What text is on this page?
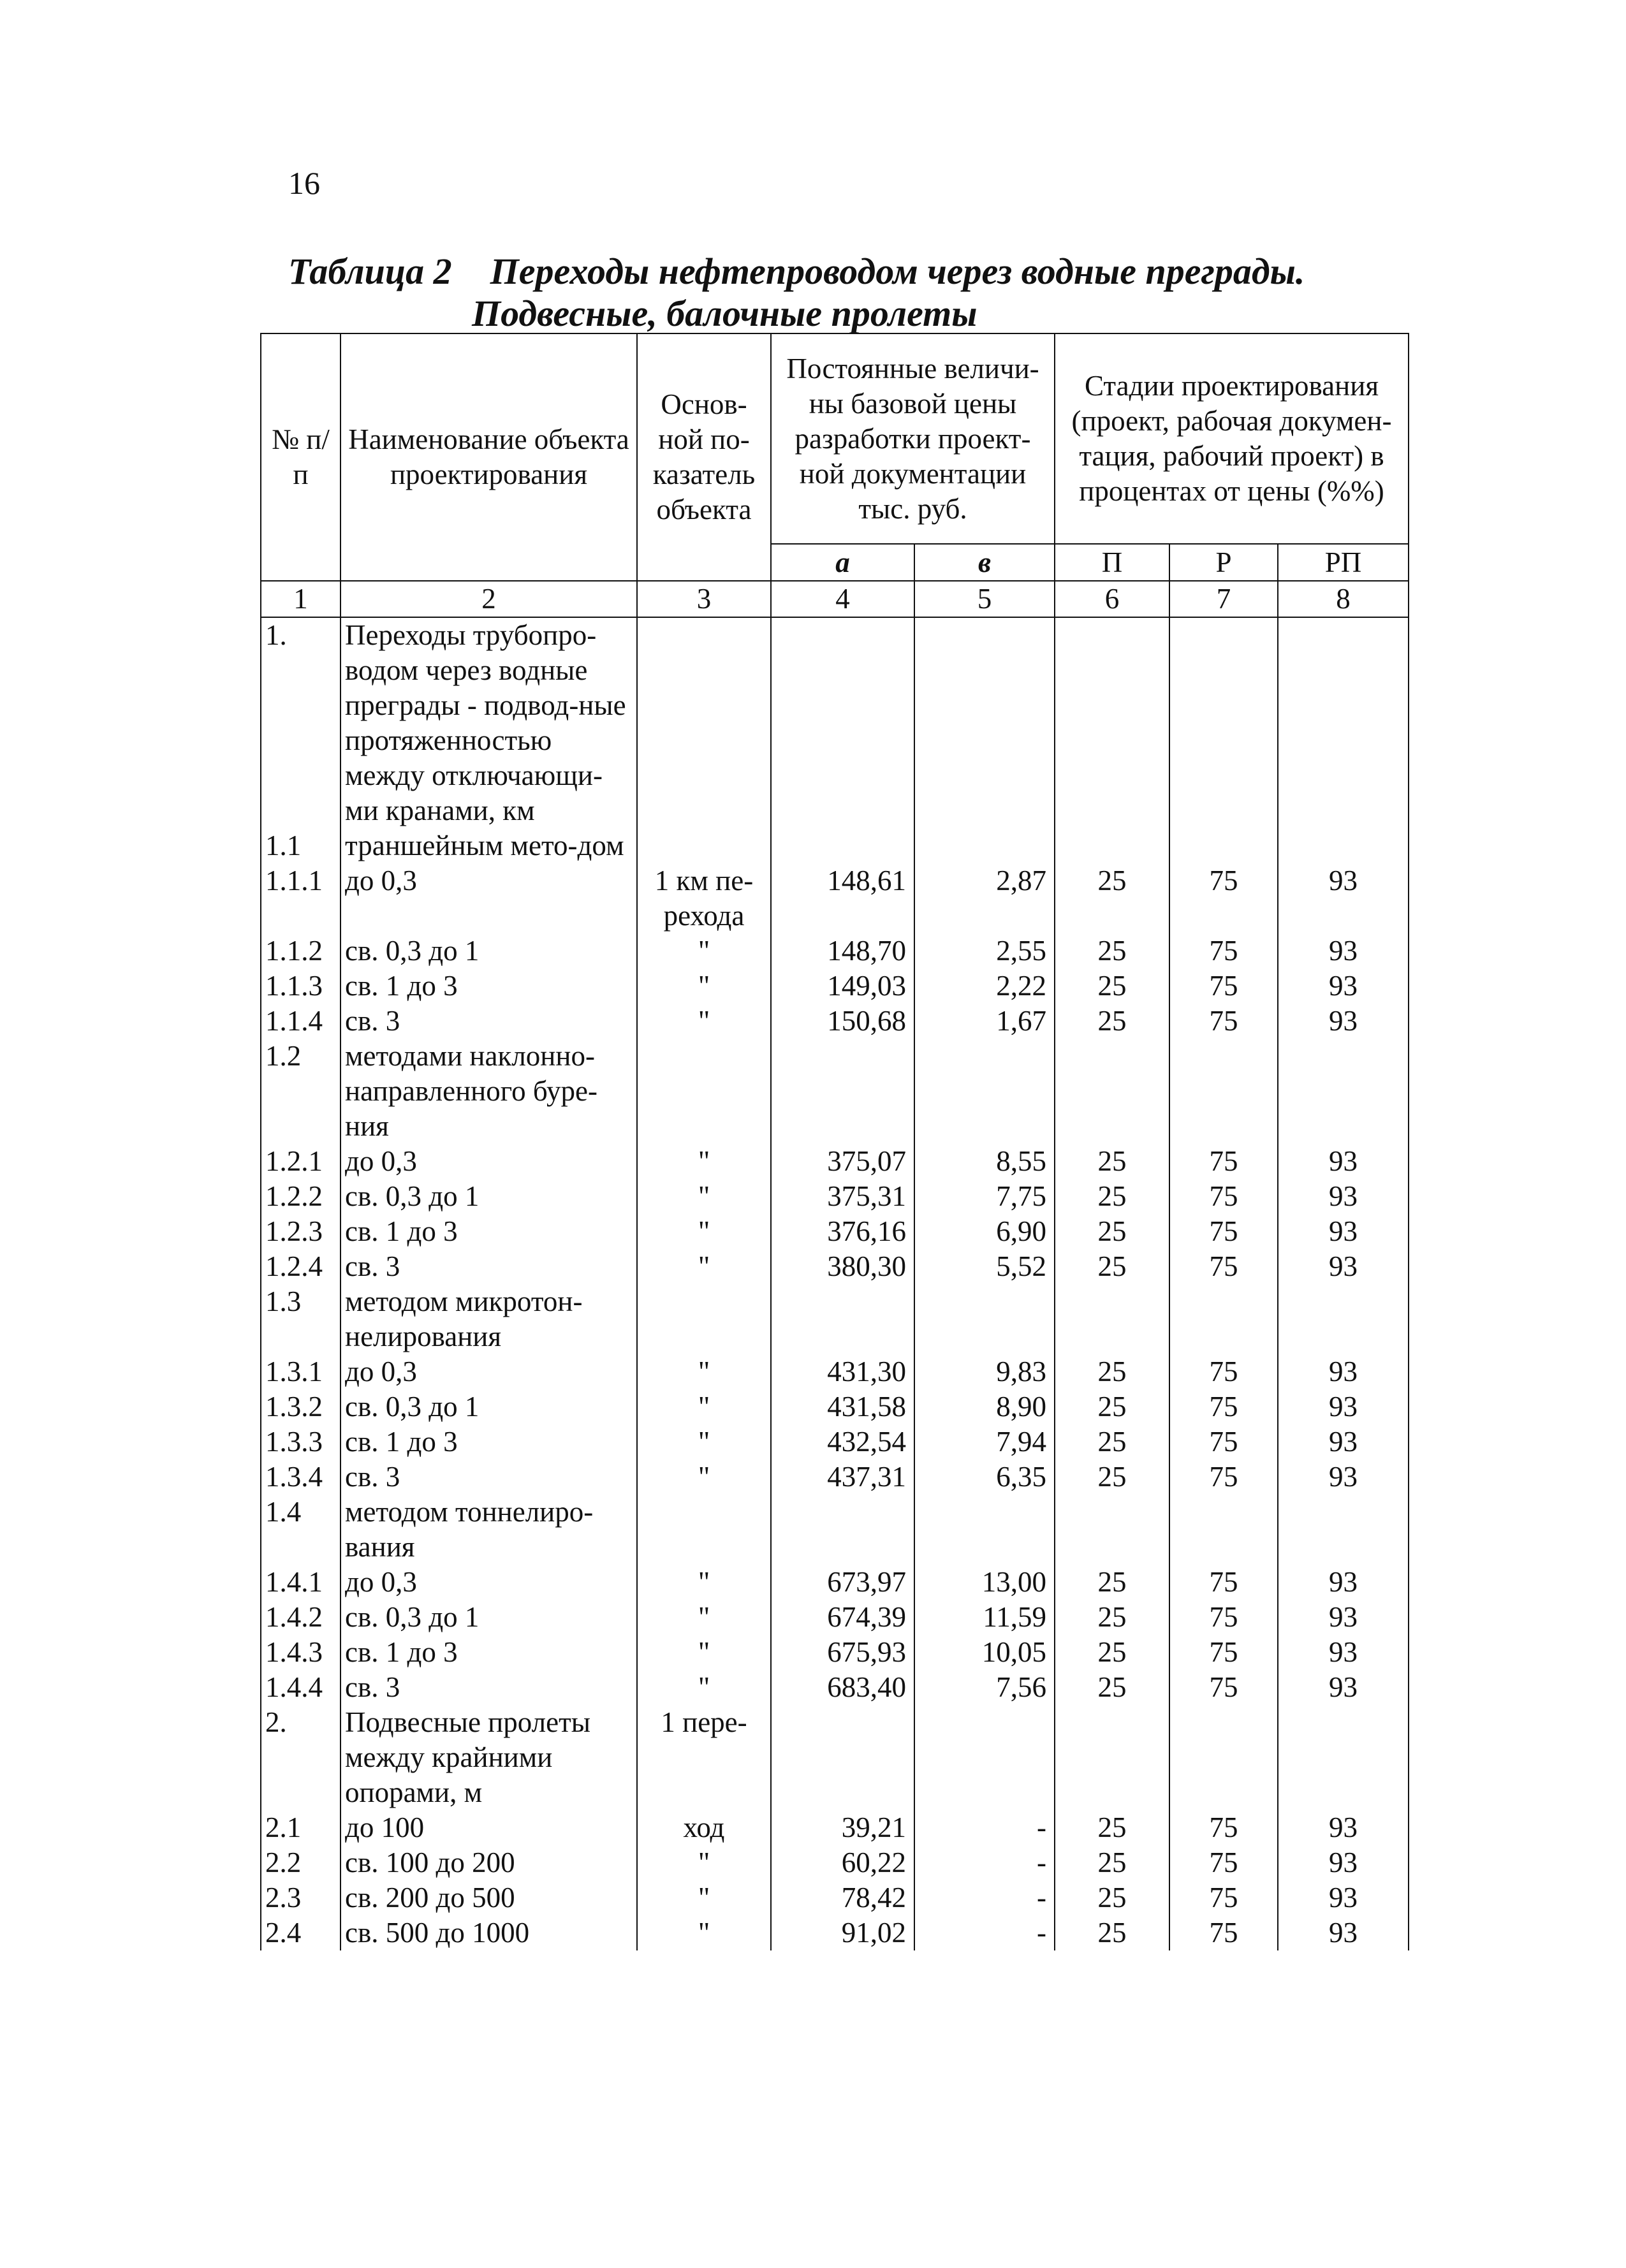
16
Таблица 2 Переходы нефтепроводом через водные преграды.
Подвесные, балочные пролеты
№ п/п	Наименование объекта проектирования	Основ-ной по-казатель объекта	Постоянные величи-ны базовой цены разработки проект-ной документации тыс. руб.		Стадии проектирования (проект, рабочая докумен-тация, рабочий проект) в процентах от цены (%%)		
			а	в	П	Р	РП
1	2	3	4	5	6	7	8
1.	Переходы трубопро-водом через водные преграды - подвод-ные протяженностью между отключающи-ми кранами, км						
1.1	траншейным мето-дом						
1.1.1	до 0,3	1 км пе-рехода	148,61	2,87	25	75	93
1.1.2	св. 0,3 до 1	"	148,70	2,55	25	75	93
1.1.3	св. 1 до 3	"	149,03	2,22	25	75	93
1.1.4	св. 3	"	150,68	1,67	25	75	93
1.2	методами наклонно-направленного буре-ния						
1.2.1	до 0,3	"	375,07	8,55	25	75	93
1.2.2	св. 0,3 до 1	"	375,31	7,75	25	75	93
1.2.3	св. 1 до 3	"	376,16	6,90	25	75	93
1.2.4	св. 3	"	380,30	5,52	25	75	93
1.3	методом микротон-нелирования						
1.3.1	до 0,3	"	431,30	9,83	25	75	93
1.3.2	св. 0,3 до 1	"	431,58	8,90	25	75	93
1.3.3	св. 1 до 3	"	432,54	7,94	25	75	93
1.3.4	св. 3	"	437,31	6,35	25	75	93
1.4	методом тоннелиро-вания						
1.4.1	до 0,3	"	673,97	13,00	25	75	93
1.4.2	св. 0,3 до 1	"	674,39	11,59	25	75	93
1.4.3	св. 1 до 3	"	675,93	10,05	25	75	93
1.4.4	св. 3	"	683,40	7,56	25	75	93
2.	Подвесные пролеты между крайними опорами, м	1 пере-					
2.1	до 100	ход	39,21	-	25	75	93
2.2	св. 100 до 200	"	60,22	-	25	75	93
2.3	св. 200 до 500	"	78,42	-	25	75	93
2.4	св. 500 до 1000	"	91,02	-	25	75	93
